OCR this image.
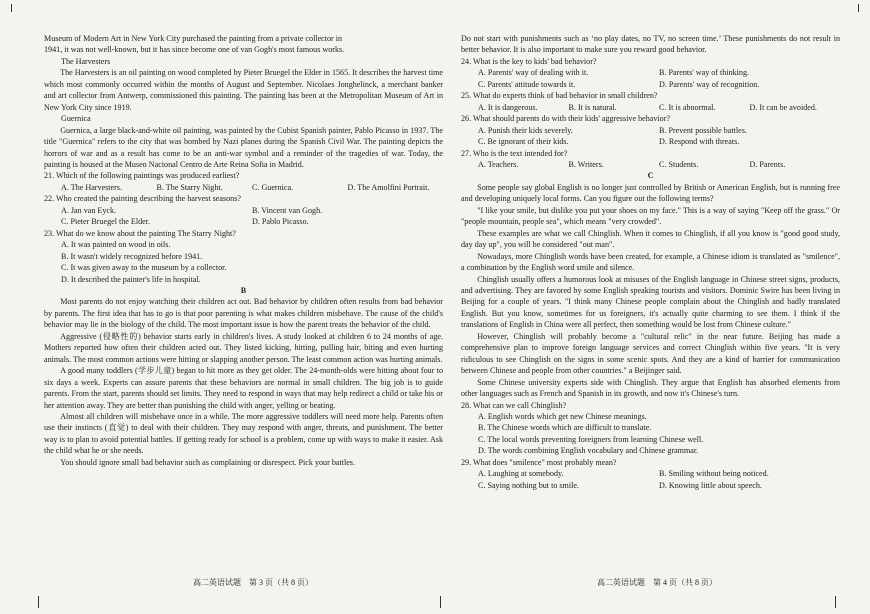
Museum of Modern Art in New York City purchased the painting from a private collector in

1941, it was not well-known, but it has since become one of van Gogh's most famous works.

The Harvesters

The Harvesters is an oil painting on wood completed by Pieter Bruegel the Elder in 1565. It describes the harvest time which most commonly occurred within the months of August and September. Nicolaes Jonghelinck, a merchant banker and art collector from Antwerp, commissioned this painting. The painting has been at the Metropolitan Museum of Art in New York City since 1919.

Guernica

Guernica, a large black-and-white oil painting, was painted by the Cubist Spanish painter, Pablo Picasso in 1937. The title "Guernica" refers to the city that was bombed by Nazi planes during the Spanish Civil War. The painting depicts the horrors of war and as a result has come to be an anti-war symbol and a reminder of the tragedies of war. Today, the painting is housed at the Museo Nacional Centro de Arte Reina Sofia in Madrid.

21. Which of the following paintings was produced earliest?

A. The Harvesters.	B. The Starry Night.	C. Guernica.	D. The Amolfini Portrait.

22. Who created the painting describing the harvest seasons?

A. Jan van Eyck.	B. Vincent van Gogh.
C. Pieter Bruegel the Elder.	D. Pablo Picasso.

23. What do we know about the painting The Starry Night?

A. It was painted on wood in oils.
B. It wasn't widely recognized before 1941.
C. It was given away to the museum by a collector.
D. It described the painter's life in hospital.

B

Most parents do not enjoy watching their children act out. Bad behavior by children often results from bad behavior by parents. The first idea that has to go is that poor parenting is what makes children misbehave. The cause of the child's behavior may lie in the biology of the child. The most important issue is how the parent treats the behavior of the child.

Aggressive (侵略性的) behavior starts early in children's lives. A study looked at children 6 to 24 months of age. Mothers reported how often their children acted out. They listed kicking, hitting, pulling hair, biting and even hurting animals. The most common actions were hitting or slapping another person. The least common action was hurting animals.

A good many toddlers (学步儿童) began to hit more as they get older. The 24-month-olds were hitting about four to six days a week. Experts can assure parents that these behaviors are normal in small children. The big job is to guide parents. From the start, parents should set limits. They need to respond in ways that may help redirect a child or take his or her attention away. They are better than punishing the child with anger, yelling or beating.

Almost all children will misbehave once in a while. The more aggressive toddlers will need more help. Parents often use their instincts (直觉) to deal with their children. They may respond with anger, threats, and punishment. The better way is to plan to avoid potential battles. If getting ready for school is a problem, come up with ways to make it easier. Ask the child what he or she needs.

You should ignore small bad behavior such as complaining or disrespect. Pick your battles.

高二英语试题　第 3 页（共 8 页）

Do not start with punishments such as ‘no play dates, no TV, no screen time.’ These punishments do not result in better behavior. It is also important to make sure you reward good behavior.

24. What is the key to kids' bad behavior?

A. Parents' way of dealing with it.	B. Parents' way of thinking.
C. Parents' attitude towards it.	D. Parents' way of recognition.

25. What do experts think of bad behavior in small children?

A. It is dangerous.	B. It is natural.	C. It is abnormal.	D. It can be avoided.

26. What should parents do with their kids' aggressive behavior?

A. Punish their kids severely.	B. Prevent possible battles.
C. Be ignorant of their kids.	D. Respond with threats.

27. Who is the text intended for?

A. Teachers.	B. Writers.	C. Students.	D. Parents.

C

Some people say global English is no longer just controlled by British or American English, but is running free and developing uniquely local forms. Can you figure out the following terms?

"I like your smile, but dislike you put your shoes on my face." This is a way of saying "Keep off the grass." Or "people mountain, people sea", which means "very crowded".

These examples are what we call Chinglish. When it comes to Chinglish, if all you know is "good good study, day day up", you will be considered "out man".

Nowadays, more Chinglish words have been created, for example, a Chinese idiom is translated as "smilence", a combination by the English word smile and silence.

Chinglish usually offers a humorous look at misuses of the English language in Chinese street signs, products, and advertising. They are favored by some English speaking tourists and visitors. Dominic Swire has been living in Beijing for a couple of years. "I think many Chinese people complain about the Chinglish and badly translated English. But you know, sometimes for us foreigners, it's actually quite charming to see them. I think if the translations of English in China were all perfect, then something would be lost from Chinese culture."

However, Chinglish will probably become a "cultural relic" in the near future. Beijing has made a comprehensive plan to improve foreign language services and correct Chinglish within five years. "It is very ridiculous to see Chinglish on the signs in some scenic spots. And they are a kind of barrier for communication between Chinese and people from other countries." a Beijinger said.

Some Chinese university experts side with Chinglish. They argue that English has absorbed elements from other languages such as French and Spanish in its growth, and now it's Chinese's turn.

28. What can we call Chinglish?

A. English words which get new Chinese meanings.
B. The Chinese words which are difficult to translate.
C. The local words preventing foreigners from learning Chinese well.
D. The words combining English vocabulary and Chinese grammar.

29. What does "smilence" most probably mean?

A. Laughing at somebody.	B. Smiling without being noticed.
C. Saying nothing but to smile.	D. Knowing little about speech.
高二英语试题　第 4 页（共 8 页）
